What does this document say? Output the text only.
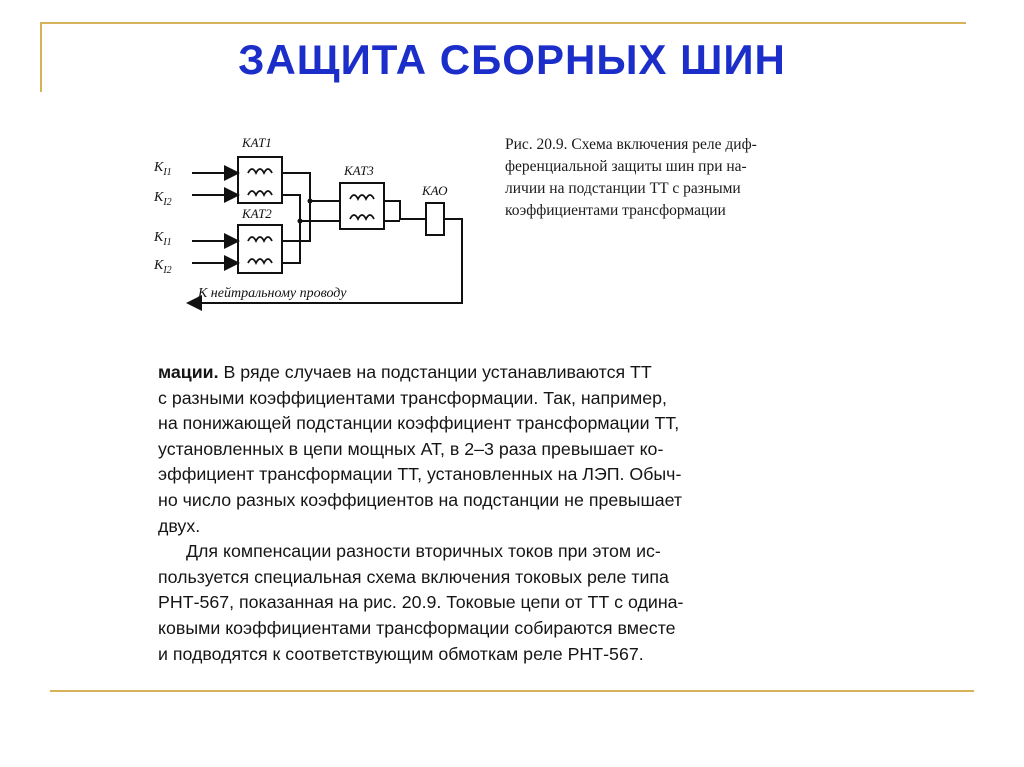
ЗАЩИТА СБОРНЫХ ШИН
$K_{I1}$
$K_{I2}$
$K_{I1}$
$K_{I2}$
КАТ1
КАТ2
КАТ3
КАО
К нейтральному проводу
Рис. 20.9. Схема включения реле диф-
ференциальной защиты шин при на-
личии на подстанции ТТ с разными
коэффициентами трансформации
мации. В ряде случаев на подстанции устанавливаются ТТ
с разными коэффициентами трансформации. Так, например,
на понижающей подстанции коэффициент трансформации ТТ,
установленных в цепи мощных АТ, в 2–3 раза превышает ко-
эффициент трансформации ТТ, установленных на ЛЭП. Обыч-
но число разных коэффициентов на подстанции не превышает
двух.
Для компенсации разности вторичных токов при этом ис-
пользуется специальная схема включения токовых реле типа
РНТ-567, показанная на рис. 20.9. Токовые цепи от ТТ с одина-
ковыми коэффициентами трансформации собираются вместе
и подводятся к соответствующим обмоткам реле РНТ-567.
